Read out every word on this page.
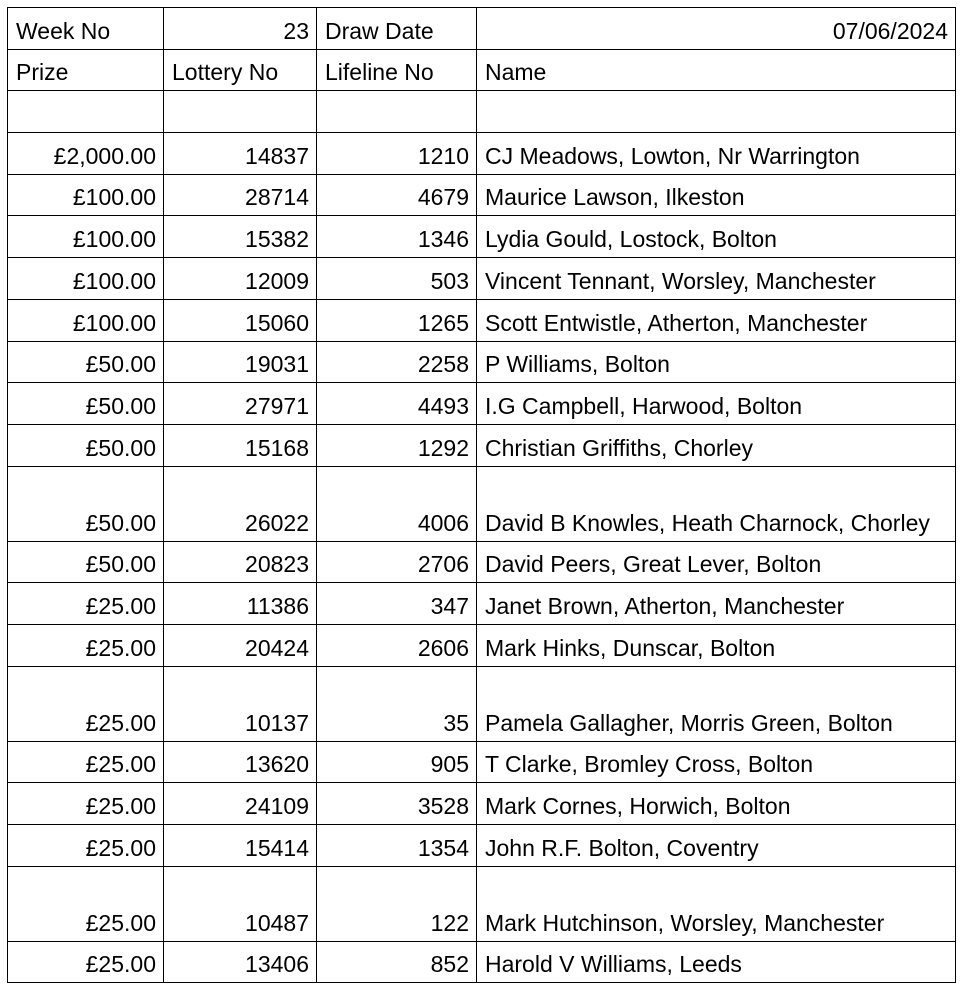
Week No	23	Draw Date	07/06/2024
Prize	Lottery No	Lifeline No	Name

£2,000.00	14837	1210	CJ Meadows, Lowton, Nr Warrington
£100.00	28714	4679	Maurice Lawson, Ilkeston
£100.00	15382	1346	Lydia Gould, Lostock, Bolton
£100.00	12009	503	Vincent Tennant, Worsley, Manchester
£100.00	15060	1265	Scott Entwistle, Atherton, Manchester
£50.00	19031	2258	P Williams, Bolton
£50.00	27971	4493	I.G Campbell, Harwood, Bolton
£50.00	15168	1292	Christian Griffiths, Chorley
£50.00	26022	4006	David B Knowles, Heath Charnock, Chorley
£50.00	20823	2706	David Peers, Great Lever, Bolton
£25.00	11386	347	Janet Brown, Atherton, Manchester
£25.00	20424	2606	Mark Hinks, Dunscar, Bolton
£25.00	10137	35	Pamela Gallagher, Morris Green, Bolton
£25.00	13620	905	T Clarke, Bromley Cross, Bolton
£25.00	24109	3528	Mark Cornes, Horwich, Bolton
£25.00	15414	1354	John R.F. Bolton, Coventry
£25.00	10487	122	Mark Hutchinson, Worsley, Manchester
£25.00	13406	852	Harold V Williams, Leeds
